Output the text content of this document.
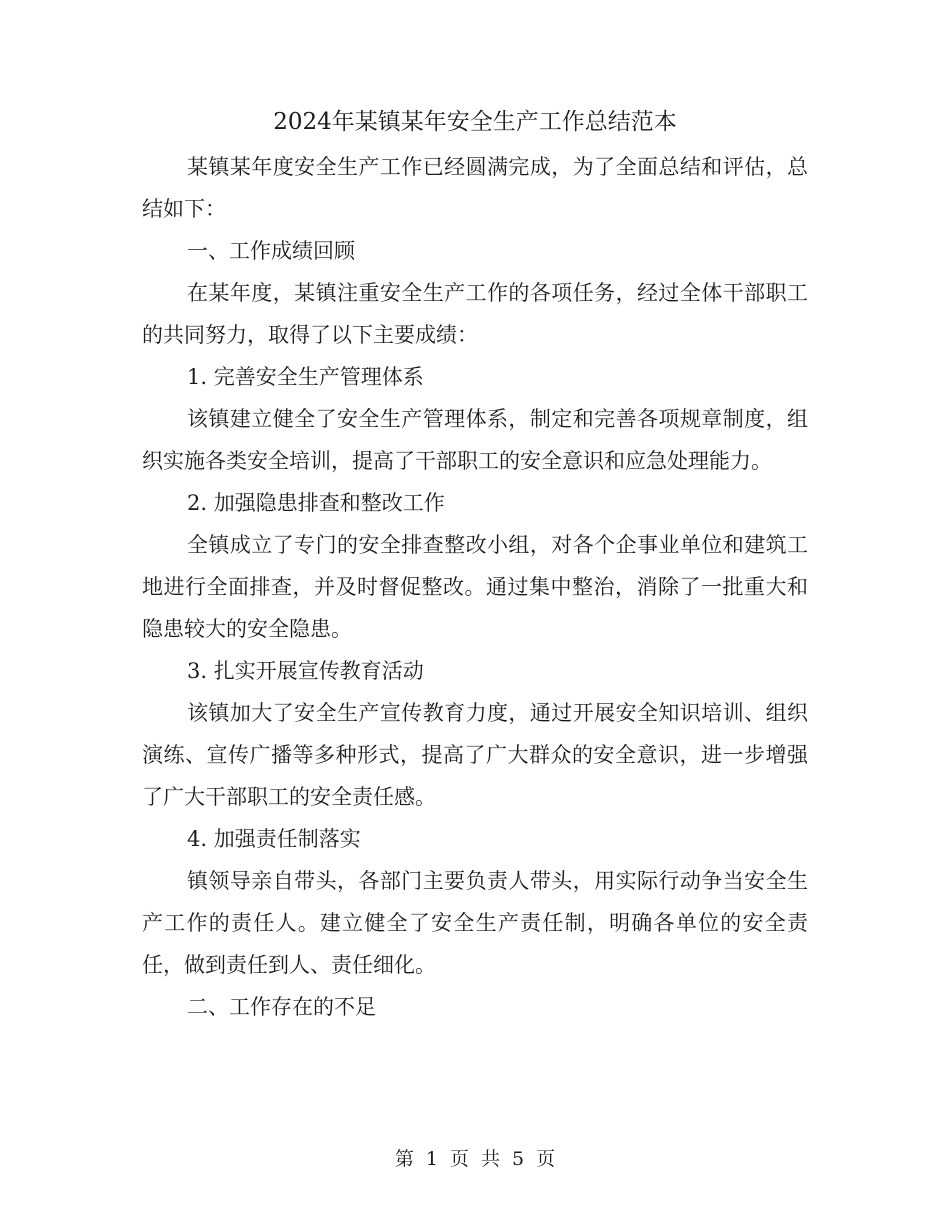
2024年某镇某年安全生产工作总结范本

某镇某年度安全生产工作已经圆满完成，为了全面总结和评估，总结如下：

一、工作成绩回顾

在某年度，某镇注重安全生产工作的各项任务，经过全体干部职工的共同努力，取得了以下主要成绩：

1. 完善安全生产管理体系

该镇建立健全了安全生产管理体系，制定和完善各项规章制度，组织实施各类安全培训，提高了干部职工的安全意识和应急处理能力。

2. 加强隐患排查和整改工作

全镇成立了专门的安全排查整改小组，对各个企事业单位和建筑工地进行全面排查，并及时督促整改。通过集中整治，消除了一批重大和隐患较大的安全隐患。

3. 扎实开展宣传教育活动

该镇加大了安全生产宣传教育力度，通过开展安全知识培训、组织演练、宣传广播等多种形式，提高了广大群众的安全意识，进一步增强了广大干部职工的安全责任感。

4. 加强责任制落实

镇领导亲自带头，各部门主要负责人带头，用实际行动争当安全生产工作的责任人。建立健全了安全生产责任制，明确各单位的安全责任，做到责任到人、责任细化。

二、工作存在的不足

第 1 页 共 5 页
